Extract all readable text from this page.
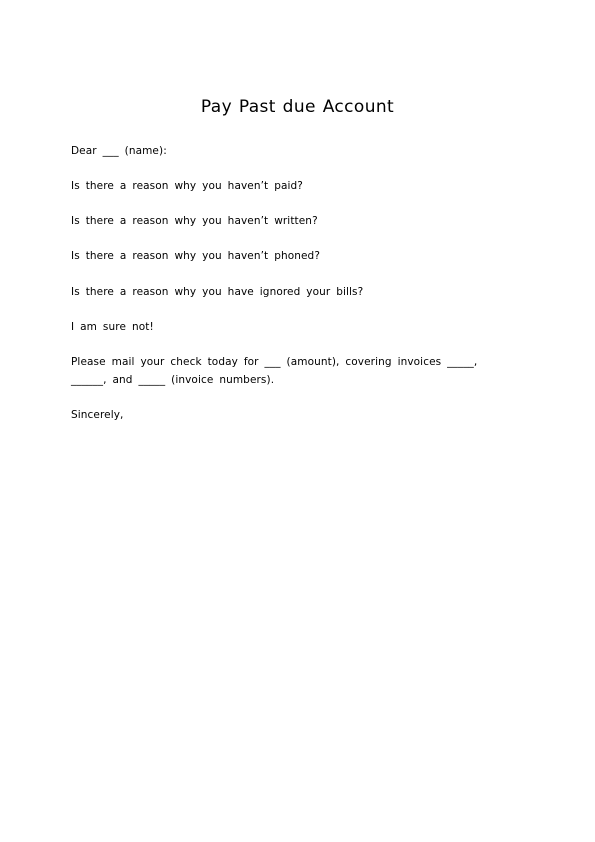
Pay Past due Account
Dear ___ (name):
Is there a reason why you haven’t paid?
Is there a reason why you haven’t written?
Is there a reason why you haven’t phoned?
Is there a reason why you have ignored your bills?
I am sure not!
Please mail your check today for ___ (amount), covering invoices _____,
______, and _____ (invoice numbers).
Sincerely,
